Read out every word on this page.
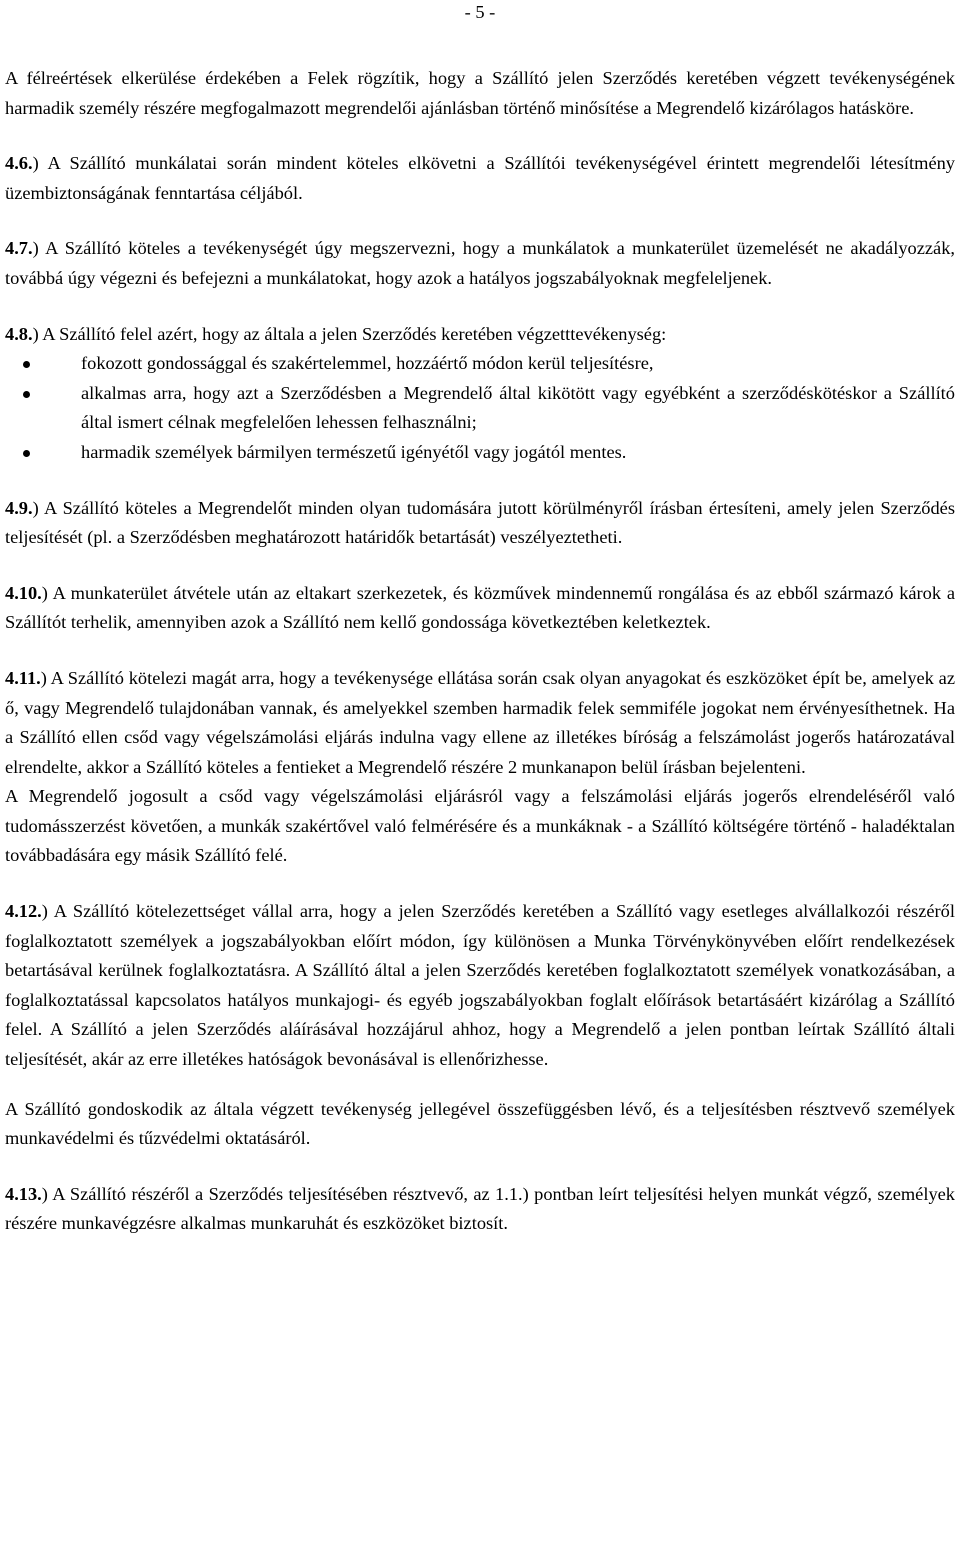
- 5 -

A félreértések elkerülése érdekében a Felek rögzítik, hogy a Szállító jelen Szerződés keretében végzett tevékenységének harmadik személy részére megfogalmazott megrendelői ajánlásban történő minősítése a Megrendelő kizárólagos hatásköre.

4.6.) A Szállító munkálatai során mindent köteles elkövetni a Szállítói tevékenységével érintett megrendelői létesítmény üzembiztonságának fenntartása céljából.

4.7.) A Szállító köteles a tevékenységét úgy megszervezni, hogy a munkálatok a munkaterület üzemelését ne akadályozzák, továbbá úgy végezni és befejezni a munkálatokat, hogy azok a hatályos jogszabályoknak megfeleljenek.

4.8.) A Szállító felel azért, hogy az általa a jelen Szerződés keretében végzetttevékenység:

fokozott gondossággal és szakértelemmel, hozzáértő módon kerül teljesítésre,
alkalmas arra, hogy azt a Szerződésben a Megrendelő által kikötött vagy egyébként a szerződéskötéskor a Szállító által ismert célnak megfelelően lehessen felhasználni;
harmadik személyek bármilyen természetű igényétől vagy jogától mentes.

4.9.) A Szállító köteles a Megrendelőt minden olyan tudomására jutott körülményről írásban értesíteni, amely jelen Szerződés teljesítését (pl. a Szerződésben meghatározott határidők betartását) veszélyeztetheti.

4.10.) A munkaterület átvétele után az eltakart szerkezetek, és közművek mindennemű rongálása és az ebből származó károk a Szállítót terhelik, amennyiben azok a Szállító nem kellő gondossága következtében keletkeztek.

4.11.) A Szállító kötelezi magát arra, hogy a tevékenysége ellátása során csak olyan anyagokat és eszközöket épít be, amelyek az ő, vagy Megrendelő tulajdonában vannak, és amelyekkel szemben harmadik felek semmiféle jogokat nem érvényesíthetnek. Ha a Szállító ellen csőd vagy végelszámolási eljárás indulna vagy ellene az illetékes bíróság a felszámolást jogerős határozatával elrendelte, akkor a Szállító köteles a fentieket a Megrendelő részére 2 munkanapon belül írásban bejelenteni.

A Megrendelő jogosult a csőd vagy végelszámolási eljárásról vagy a felszámolási eljárás jogerős elrendeléséről való tudomásszerzést követően, a munkák szakértővel való felmérésére és a munkáknak - a Szállító költségére történő - haladéktalan továbbadására egy másik Szállító felé.

4.12.) A Szállító kötelezettséget vállal arra, hogy a jelen Szerződés keretében a Szállító vagy esetleges alvállalkozói részéről foglalkoztatott személyek a jogszabályokban előírt módon, így különösen a Munka Törvénykönyvében előírt rendelkezések betartásával kerülnek foglalkoztatásra. A Szállító által a jelen Szerződés keretében foglalkoztatott személyek vonatkozásában, a foglalkoztatással kapcsolatos hatályos munkajogi- és egyéb jogszabályokban foglalt előírások betartásáért kizárólag a Szállító felel. A Szállító a jelen Szerződés aláírásával hozzájárul ahhoz, hogy a Megrendelő a jelen pontban leírtak Szállító általi teljesítését, akár az erre illetékes hatóságok bevonásával is ellenőrizhesse.

A Szállító gondoskodik az általa végzett tevékenység jellegével összefüggésben lévő, és a teljesítésben résztvevő személyek munkavédelmi és tűzvédelmi oktatásáról.

4.13.) A Szállító részéről a Szerződés teljesítésében résztvevő, az 1.1.) pontban leírt teljesítési helyen munkát végző, személyek részére munkavégzésre alkalmas munkaruhát és eszközöket biztosít.
